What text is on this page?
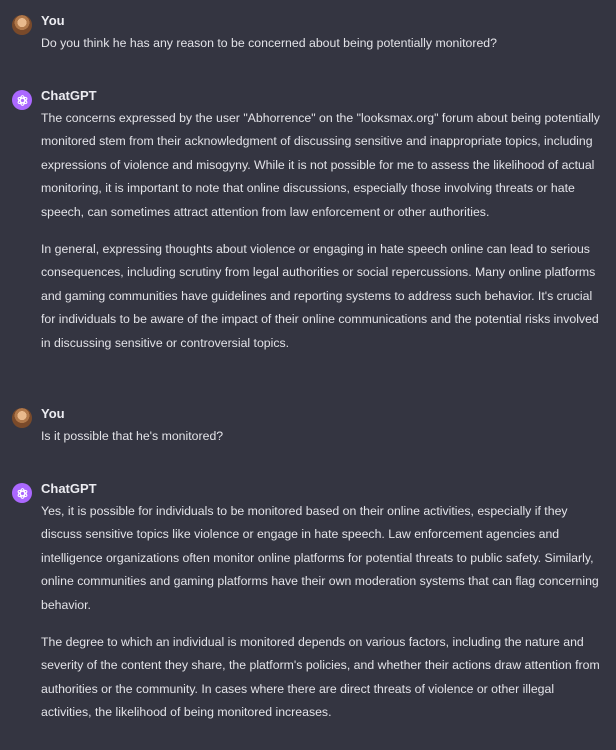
You

Do you think he has any reason to be concerned about being potentially monitored?

ChatGPT

The concerns expressed by the user "Abhorrence" on the "looksmax.org" forum about being potentially monitored stem from their acknowledgment of discussing sensitive and inappropriate topics, including expressions of violence and misogyny. While it is not possible for me to assess the likelihood of actual monitoring, it is important to note that online discussions, especially those involving threats or hate speech, can sometimes attract attention from law enforcement or other authorities.

In general, expressing thoughts about violence or engaging in hate speech online can lead to serious consequences, including scrutiny from legal authorities or social repercussions. Many online platforms and gaming communities have guidelines and reporting systems to address such behavior. It's crucial for individuals to be aware of the impact of their online communications and the potential risks involved in discussing sensitive or controversial topics.

You

Is it possible that he's monitored?

ChatGPT

Yes, it is possible for individuals to be monitored based on their online activities, especially if they discuss sensitive topics like violence or engage in hate speech. Law enforcement agencies and intelligence organizations often monitor online platforms for potential threats to public safety. Similarly, online communities and gaming platforms have their own moderation systems that can flag concerning behavior.

The degree to which an individual is monitored depends on various factors, including the nature and severity of the content they share, the platform's policies, and whether their actions draw attention from authorities or the community. In cases where there are direct threats of violence or other illegal activities, the likelihood of being monitored increases.
